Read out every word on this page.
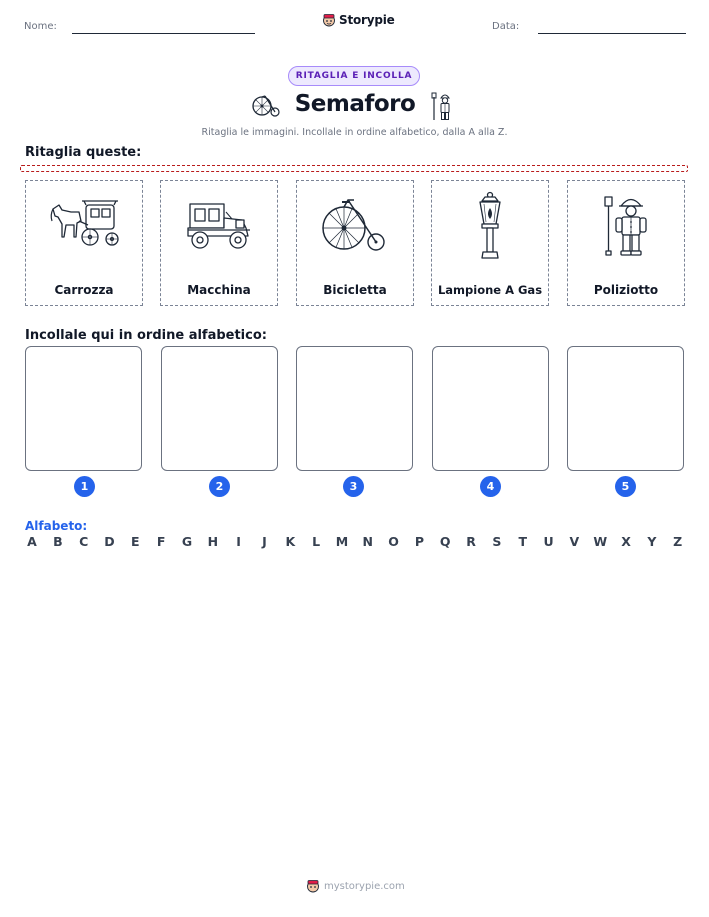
Nome:	Storypie	Data:
RITAGLIA E INCOLLA
Semaforo
Ritaglia le immagini. Incollale in ordine alfabetico, dalla A alla Z.
Ritaglia queste:
Carrozza	Macchina	Bicicletta	Lampione A Gas	Poliziotto
Incollale qui in ordine alfabetico:
1	2	3	4	5
Alfabeto:
A B C D E F G H	I	J	K L M N O P Q R S T U V W X Y Z
mystorypie.com
